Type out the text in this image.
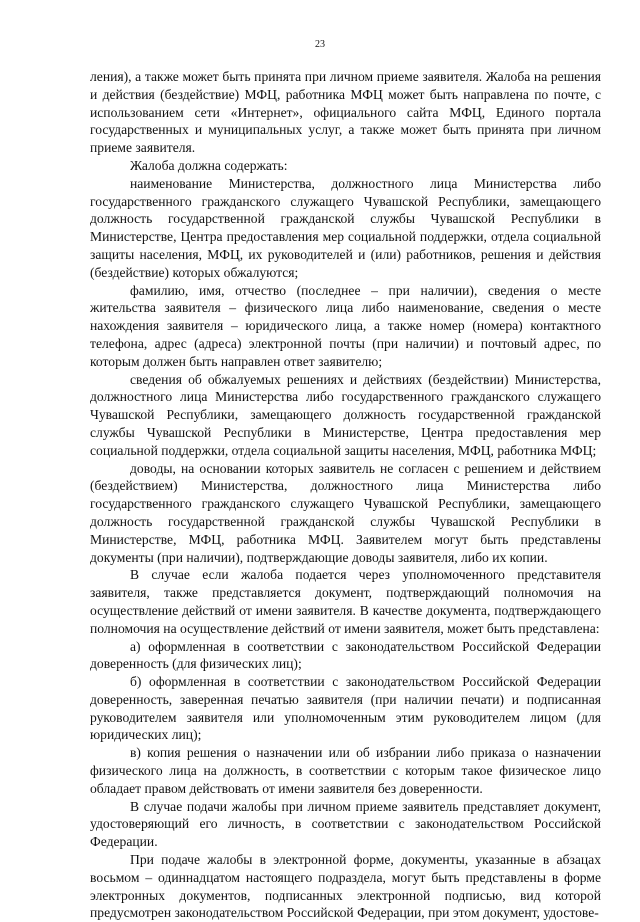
23

ления), а также может быть принята при личном приеме заявителя. Жалоба на решения и действия (бездействие) МФЦ, работника МФЦ может быть направлена по почте, с использованием сети «Интернет», официального сайта МФЦ, Единого портала государственных и муниципальных услуг, а также может быть принята при личном приеме заявителя.

Жалоба должна содержать:

наименование Министерства, должностного лица Министерства либо государственного гражданского служащего Чувашской Республики, замещающего должность государственной гражданской службы Чувашской Республики в Министерстве, Центра предоставления мер социальной поддержки, отдела социальной защиты населения, МФЦ, их руководителей и (или) работников, решения и действия (бездействие) которых обжалуются;

фамилию, имя, отчество (последнее – при наличии), сведения о месте жительства заявителя – физического лица либо наименование, сведения о месте нахождения заявителя – юридического лица, а также номер (номера) контактного телефона, адрес (адреса) электронной почты (при наличии) и почтовый адрес, по которым должен быть направлен ответ заявителю;

сведения об обжалуемых решениях и действиях (бездействии) Министерства, должностного лица Министерства либо государственного гражданского служащего Чувашской Республики, замещающего должность государственной гражданской службы Чувашской Республики в Министерстве, Центра предоставления мер социальной поддержки, отдела социальной защиты населения, МФЦ, работника МФЦ;

доводы, на основании которых заявитель не согласен с решением и действием (бездействием) Министерства, должностного лица Министерства либо государственного гражданского служащего Чувашской Республики, замещающего должность государственной гражданской службы Чувашской Республики в Министерстве, МФЦ, работника МФЦ. Заявителем могут быть представлены документы (при наличии), подтверждающие доводы заявителя, либо их копии.

В случае если жалоба подается через уполномоченного представителя заявителя, также представляется документ, подтверждающий полномочия на осуществление действий от имени заявителя. В качестве документа, подтверждающего полномочия на осуществление действий от имени заявителя, может быть представлена:

а) оформленная в соответствии с законодательством Российской Федерации доверенность (для физических лиц);

б) оформленная в соответствии с законодательством Российской Федерации доверенность, заверенная печатью заявителя (при наличии печати) и подписанная руководителем заявителя или уполномоченным этим руководителем лицом (для юридических лиц);

в) копия решения о назначении или об избрании либо приказа о назначении физического лица на должность, в соответствии с которым такое физическое лицо обладает правом действовать от имени заявителя без доверенности.

В случае подачи жалобы при личном приеме заявитель представляет документ, удостоверяющий его личность, в соответствии с законодательством Российской Федерации.

При подаче жалобы в электронной форме, документы, указанные в абзацах восьмом – одиннадцатом настоящего подраздела, могут быть представлены в форме электронных документов, подписанных электронной подписью, вид которой предусмотрен законодательством Российской Федерации, при этом документ, удостове-
